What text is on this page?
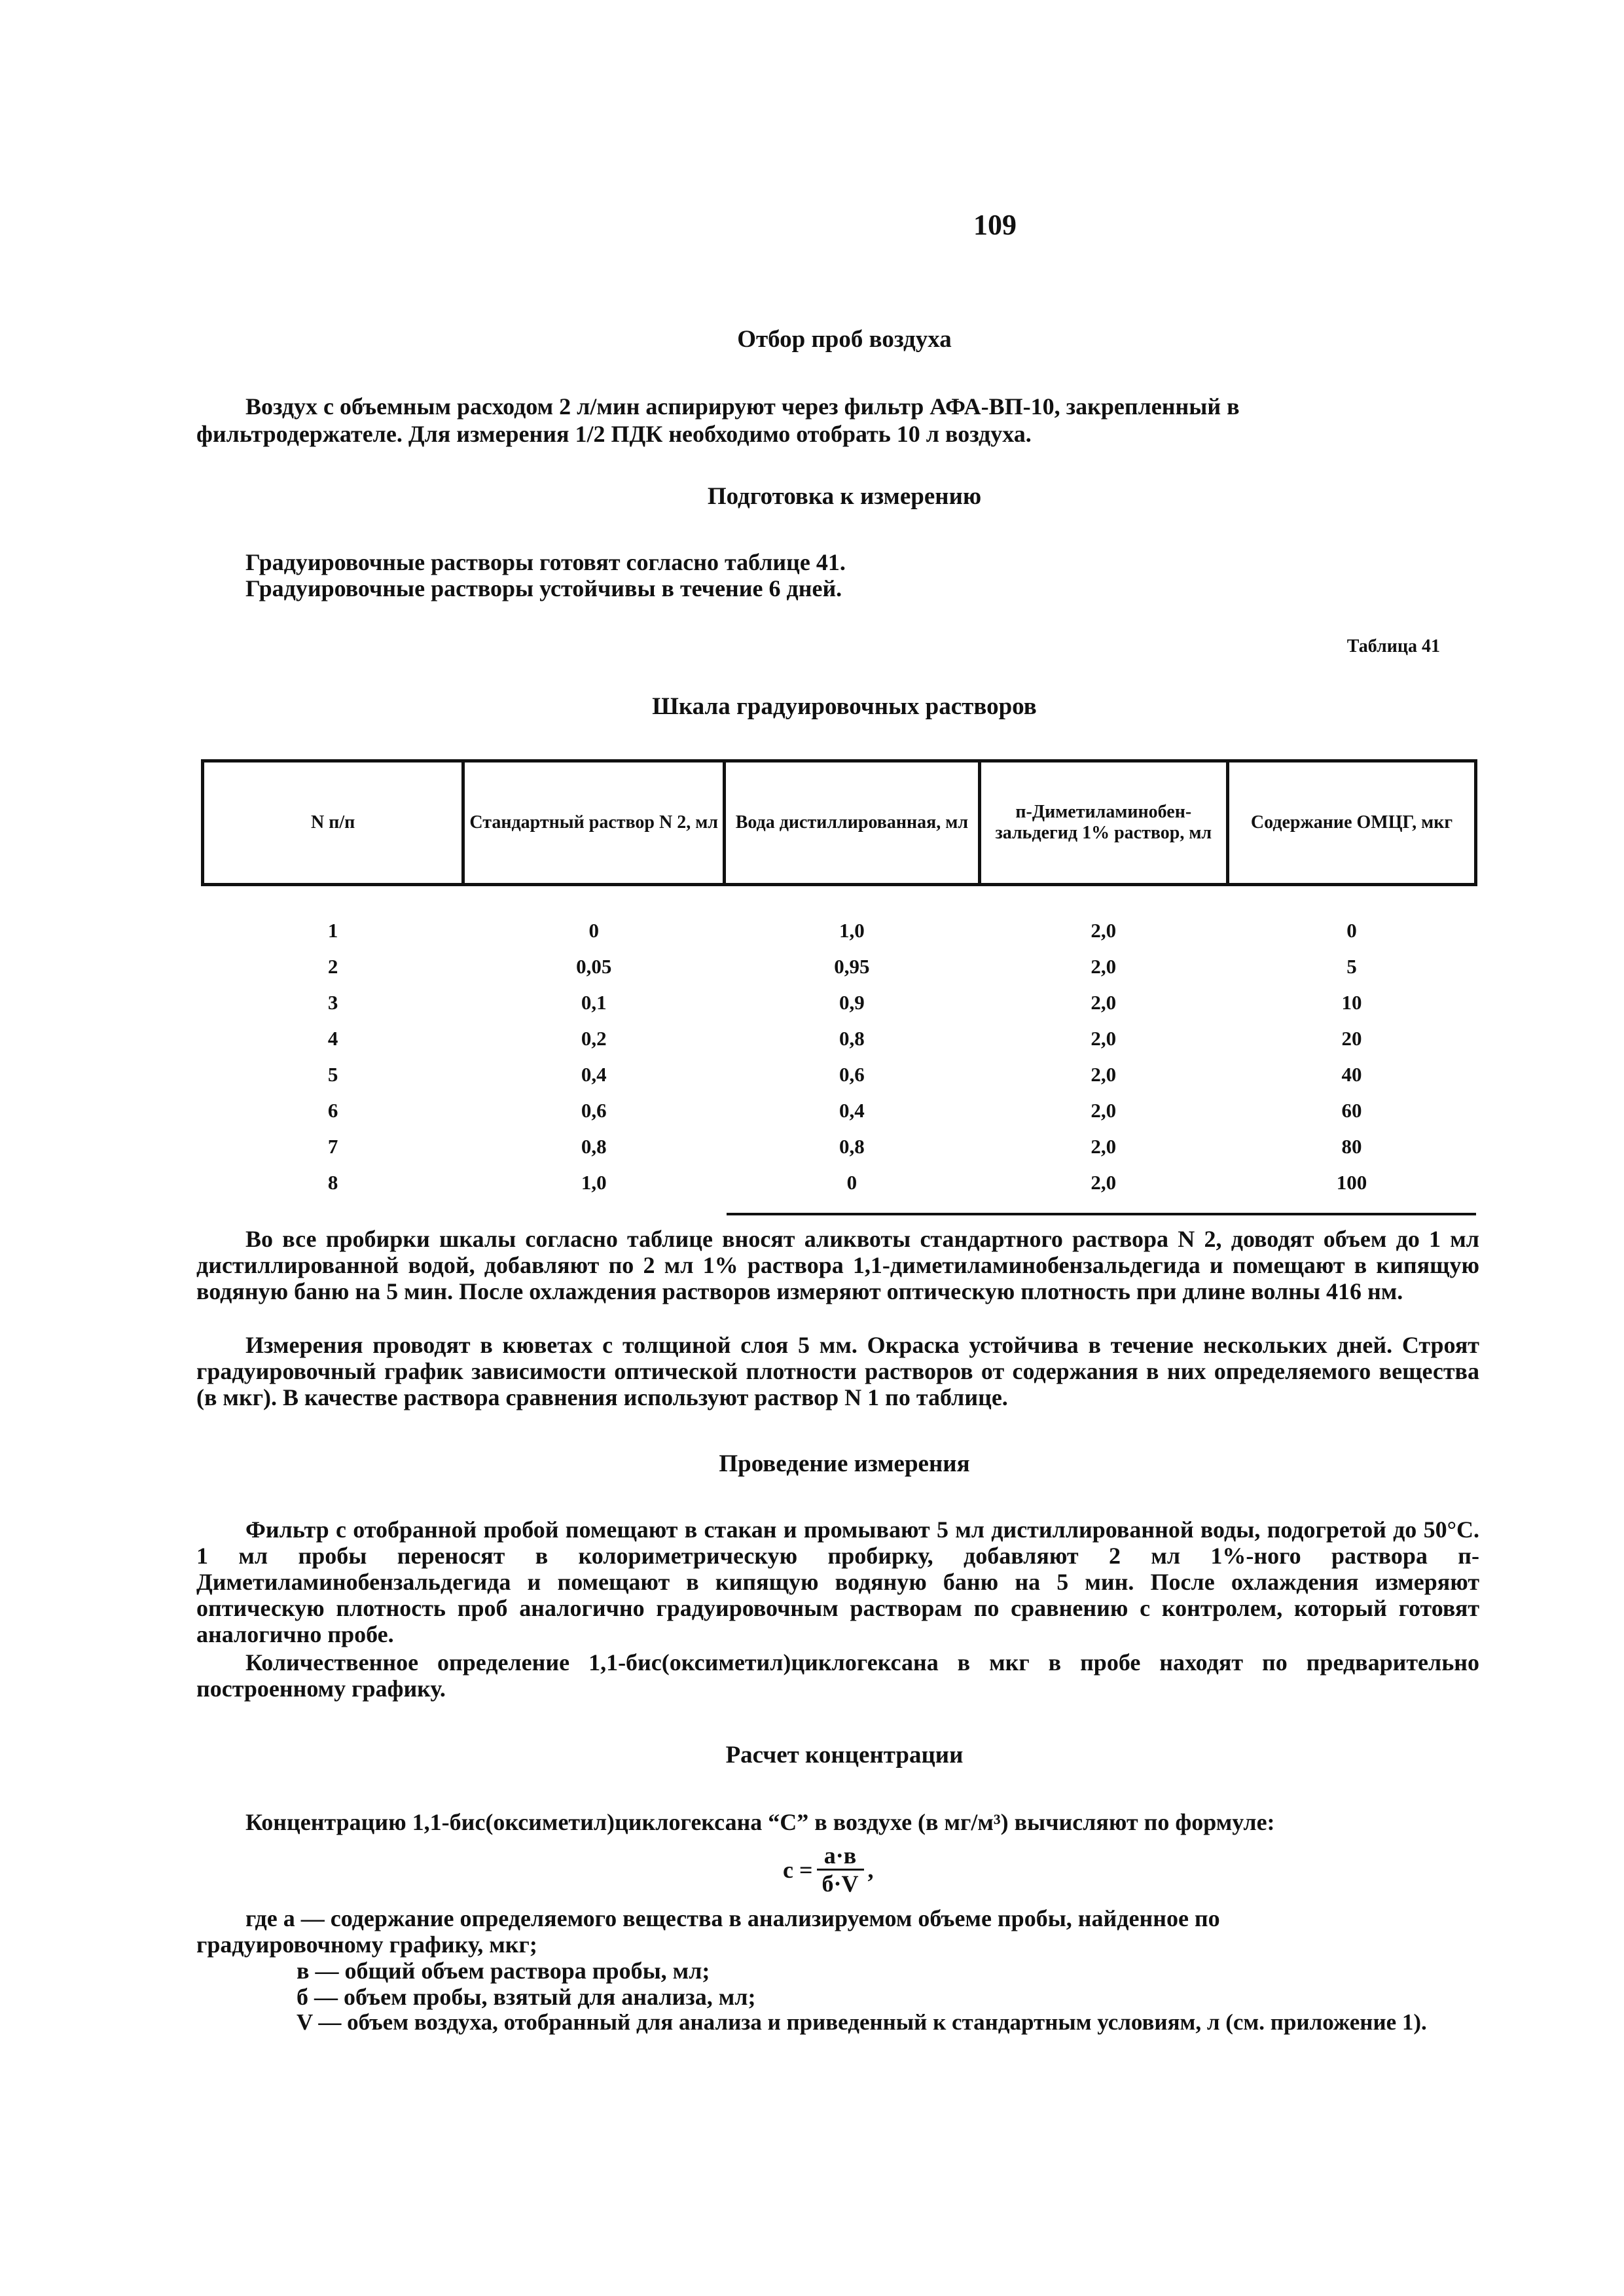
109
Отбор проб воздуха
Воздух с объемным расходом 2 л/мин аспирируют через фильтр АФА-ВП-10, закрепленный в
фильтродержателе. Для измерения 1/2 ПДК необходимо отобрать 10 л воздуха.
Подготовка к измерению
Градуировочные растворы готовят согласно таблице 41.
Градуировочные растворы устойчивы в течение 6 дней.
Таблица 41
Шкала градуировочных растворов
N п/п	Стандартный раствор N 2, мл	Вода дистиллированная, мл	п-Диметиламинобен-зальдегид 1% раствор, мл	Содержание ОМЦГ, мкг
1	0	1,0	2,0	0
2	0,05	0,95	2,0	5
3	0,1	0,9	2,0	10
4	0,2	0,8	2,0	20
5	0,4	0,6	2,0	40
6	0,6	0,4	2,0	60
7	0,8	0,8	2,0	80
8	1,0	0	2,0	100
Во все пробирки шкалы согласно таблице вносят аликвоты стандартного раствора N 2, доводят объем до 1 мл дистиллированной водой, добавляют по 2 мл 1% раствора 1,1-диметиламинобензальдегида и помещают в кипящую водяную баню на 5 мин. После охлаждения растворов измеряют оптическую плотность при длине волны 416 нм.
Измерения проводят в кюветах с толщиной слоя 5 мм. Окраска устойчива в течение нескольких дней. Строят градуировочный график зависимости оптической плотности растворов от содержания в них определяемого вещества (в мкг). В качестве раствора сравнения используют раствор N 1 по таблице.
Проведение измерения
Фильтр с отобранной пробой помещают в стакан и промывают 5 мл дистиллированной воды, подогретой до 50°С. 1 мл пробы переносят в колориметрическую пробирку, добавляют 2 мл 1%-ного раствора п-Диметиламинобензальдегида и помещают в кипящую водяную баню на 5 мин. После охлаждения измеряют оптическую плотность проб аналогично градуировочным растворам по сравнению с контролем, который готовят аналогично пробе.
Количественное определение 1,1-бис(оксиметил)циклогексана в мкг в пробе находят по предварительно построенному графику.
Расчет концентрации
Концентрацию 1,1-бис(оксиметил)циклогексана “С” в воздухе (в мг/м³) вычисляют по формуле:
$с = \frac{а\cdot в}{б\cdot V}$ ,
где а — содержание определяемого вещества в анализируемом объеме пробы, найденное по
градуировочному графику, мкг;
в — общий объем раствора пробы, мл;
б — объем пробы, взятый для анализа, мл;
V — объем воздуха, отобранный для анализа и приведенный к стандартным условиям, л (см. приложение 1).
